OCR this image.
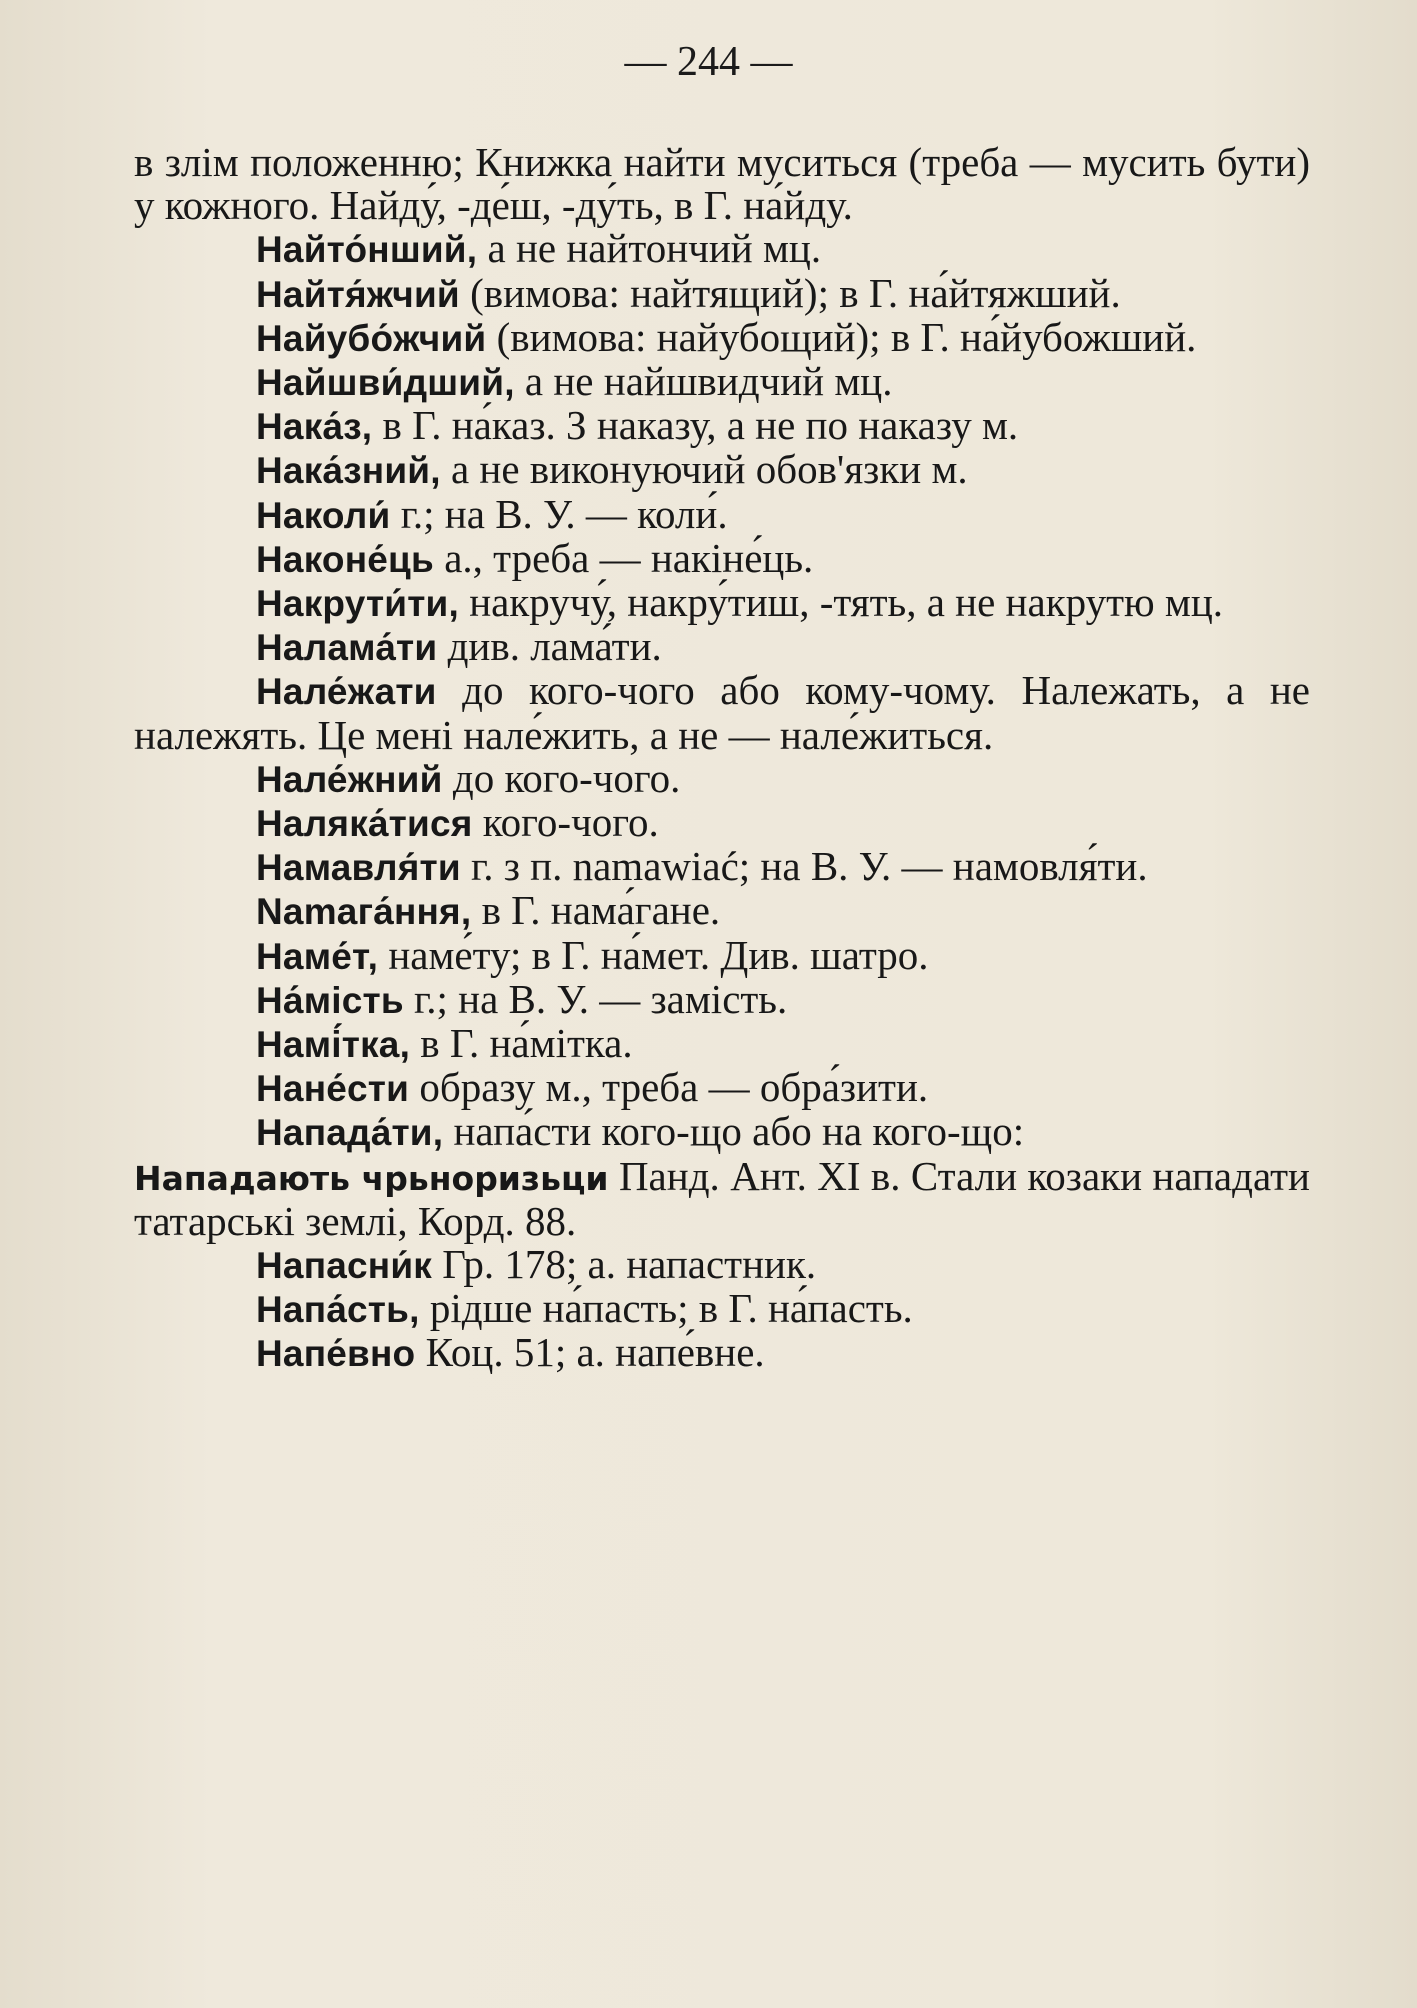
— 244 —

в злім положенню; Книжка найти муситься (треба — мусить бути) у кожного. Найду́, -де́ш, -ду́ть, в Г. на́йду.

Найто́нший, а не найтончий мц.

Найтя́жчий (вимова: найтящий); в Г. на́йтяжший.

Найубо́жчий (вимова: найубощий); в Г. на́йубожший.

Найшви́дший, а не найшвидчий мц.

Нака́з, в Г. на́каз. З наказу, а не по наказу м.

Нака́зний, а не виконуючий обов'язки м.

Наколи́ г.; на В. У. — коли́.

Наконе́ць а., треба — накіне́ць.

Накрути́ти, накручу́, накру́тиш, -тять, а не накрутю мц.

Налама́ти див. лама́ти.

Нале́жати до кого-чого або кому-чому. Належать, а не належять. Це мені нале́жить, а не — нале́житься.

Нале́жний до кого-чого.

Наляка́тися кого-чого.

Намавля́ти г. з п. namawiać; на В. У. — намовля́ти.

Namaга́ння, в Г. нама́гане.

Наме́т, наме́ту; в Г. на́мет. Див. шатро.

На́мість г.; на В. У. — замість.

Намі́тка, в Г. на́мітка.

Нане́сти образу м., треба — обра́зити.

Напада́ти, напа́сти кого-що або на кого-що:

Нападають чрьнориз‍ьци Панд. Ант. XI в. Стали козаки нападати татарські землі, Корд. 88.

Напасни́к Гр. 178; а. напастник.

Напа́сть, рідше на́пасть; в Г. на́пасть.

Напе́вно Коц. 51; а. напе́вне.
